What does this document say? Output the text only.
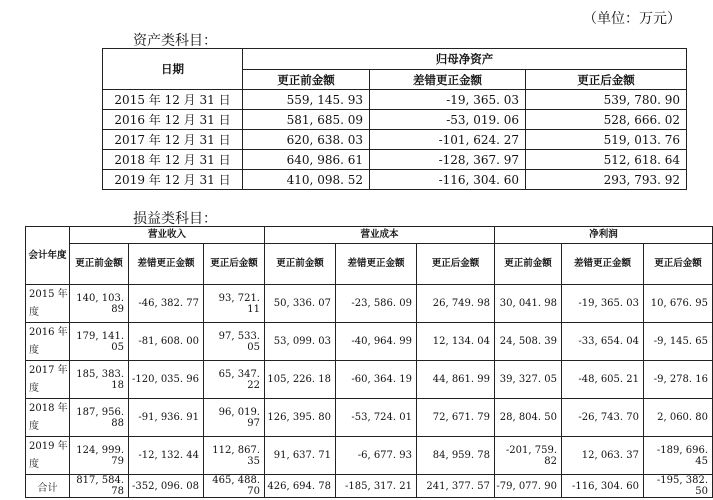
（单位：万元）
资产类科目：
日期	归母净资产		
	更正前金额	差错更正金额	更正后金额
2015 年 12 月 31 日	559, 145. 93	-19, 365. 03	539, 780. 90
2016 年 12 月 31 日	581, 685. 09	-53, 019. 06	528, 666. 02
2017 年 12 月 31 日	620, 638. 03	-101, 624. 27	519, 013. 76
2018 年 12 月 31 日	640, 986. 61	-128, 367. 97	512, 618. 64
2019 年 12 月 31 日	410, 098. 52	-116, 304. 60	293, 793. 92
损益类科目：
会计年度	营业收入			营业成本			净利润		
	更正前金额	差错更正金额	更正后金额	更正前金额	差错更正金额	更正后金额	更正前金额	差错更正金额	更正后金额
2015 年度	140, 103. 89	-46, 382. 77	93, 721. 11	50, 336. 07	-23, 586. 09	26, 749. 98	30, 041. 98	-19, 365. 03	10, 676. 95
2016 年度	179, 141. 05	-81, 608. 00	97, 533. 05	53, 099. 03	-40, 964. 99	12, 134. 04	24, 508. 39	-33, 654. 04	-9, 145. 65
2017 年度	185, 383. 18	-120, 035. 96	65, 347. 22	105, 226. 18	-60, 364. 19	44, 861. 99	39, 327. 05	-48, 605. 21	-9, 278. 16
2018 年度	187, 956. 88	-91, 936. 91	96, 019. 97	126, 395. 80	-53, 724. 01	72, 671. 79	28, 804. 50	-26, 743. 70	2, 060. 80
2019 年度	124, 999. 79	-12, 132. 44	112, 867. 35	91, 637. 71	-6, 677. 93	84, 959. 78	-201, 759. 82	12, 063. 37	-189, 696. 45
合计	817, 584. 78	-352, 096. 08	465, 488. 70	426, 694. 78	-185, 317. 21	241, 377. 57	-79, 077. 90	-116, 304. 60	-195, 382. 50
